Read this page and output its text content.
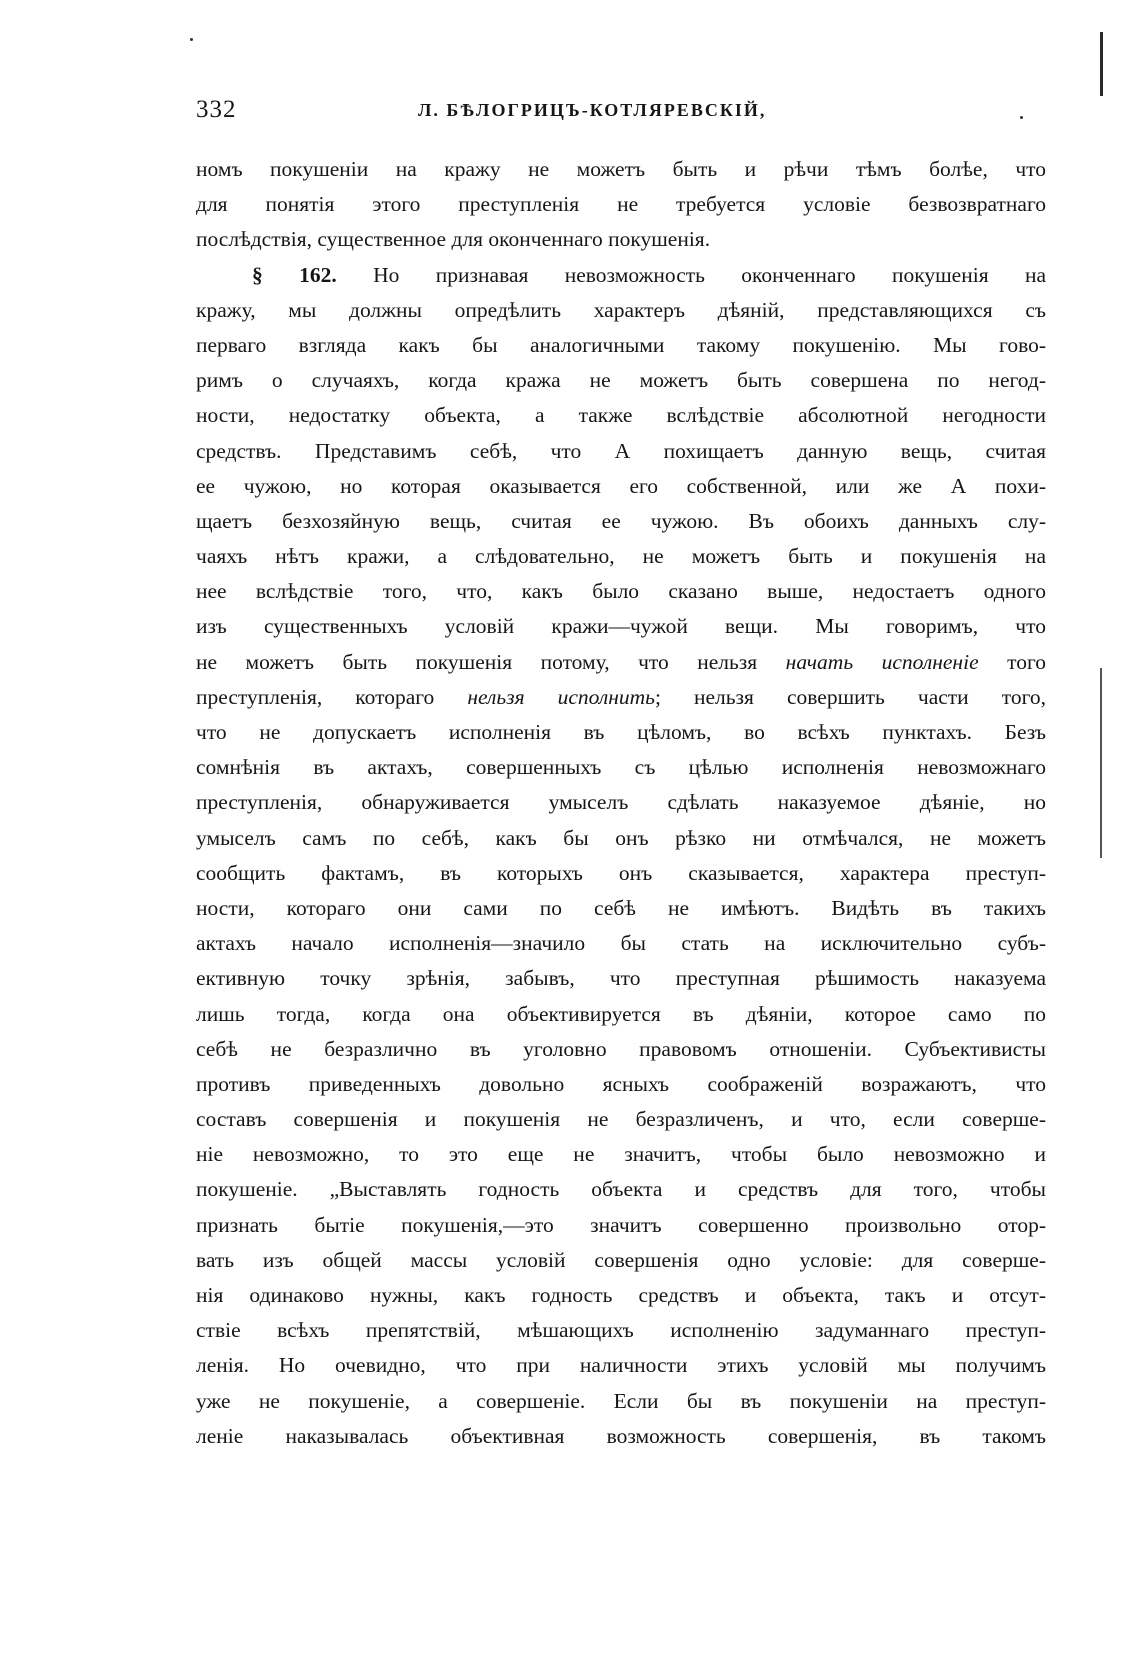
332	Л. БѢЛОГРИЦЪ-КОТЛЯРЕВСКІЙ,
номъ покушеніи на кражу не можетъ быть и рѣчи тѣмъ болѣе, что
для понятія этого преступленія не требуется условіе безвозвратнаго
послѣдствія, существенное для оконченнаго покушенія.
§ 162. Но признавая невозможность оконченнаго покушенія на
кражу, мы должны опредѣлить характеръ дѣяній, представляющихся съ
перваго взгляда какъ бы аналогичными такому покушенію. Мы гово-
римъ о случаяхъ, когда кража не можетъ быть совершена по негод-
ности, недостатку объекта, а также вслѣдствіе абсолютной негодности
средствъ. Представимъ себѣ, что А похищаетъ данную вещь, считая
ее чужою, но которая оказывается его собственной, или же А похи-
щаетъ безхозяйную вещь, считая ее чужою. Въ обоихъ данныхъ слу-
чаяхъ нѣтъ кражи, а слѣдовательно, не можетъ быть и покушенія на
нее вслѣдствіе того, что, какъ было сказано выше, недостаетъ одного
изъ существенныхъ условій кражи—чужой вещи. Мы говоримъ, что
не можетъ быть покушенія потому, что нельзя начать исполненіе того
преступленія, котораго нельзя исполнить; нельзя совершить части того,
что не допускаетъ исполненія въ цѣломъ, во всѣхъ пунктахъ. Безъ
сомнѣнія въ актахъ, совершенныхъ съ цѣлью исполненія невозможнаго
преступленія, обнаруживается умыселъ сдѣлать наказуемое дѣяніе, но
умыселъ самъ по себѣ, какъ бы онъ рѣзко ни отмѣчался, не можетъ
сообщить фактамъ, въ которыхъ онъ сказывается, характера преступ-
ности, котораго они сами по себѣ не имѣютъ. Видѣть въ такихъ
актахъ начало исполненія—значило бы стать на исключительно субъ-
ективную точку зрѣнія, забывъ, что преступная рѣшимость наказуема
лишь тогда, когда она объективируется въ дѣяніи, которое само по
себѣ не безразлично въ уголовно правовомъ отношеніи. Субъективисты
противъ приведенныхъ довольно ясныхъ соображеній возражаютъ, что
составъ совершенія и покушенія не безразличенъ, и что, если соверше-
ніе невозможно, то это еще не значитъ, чтобы было невозможно и
покушеніе. „Выставлять годность объекта и средствъ для того, чтобы
признать бытіе покушенія,—это значитъ совершенно произвольно отор-
вать изъ общей массы условій совершенія одно условіе: для соверше-
нія одинаково нужны, какъ годность средствъ и объекта, такъ и отсут-
ствіе всѣхъ препятствій, мѣшающихъ исполненію задуманнаго преступ-
ленія. Но очевидно, что при наличности этихъ условій мы получимъ
уже не покушеніе, а совершеніе. Если бы въ покушеніи на преступ-
леніе наказывалась объективная возможность совершенія, въ такомъ
